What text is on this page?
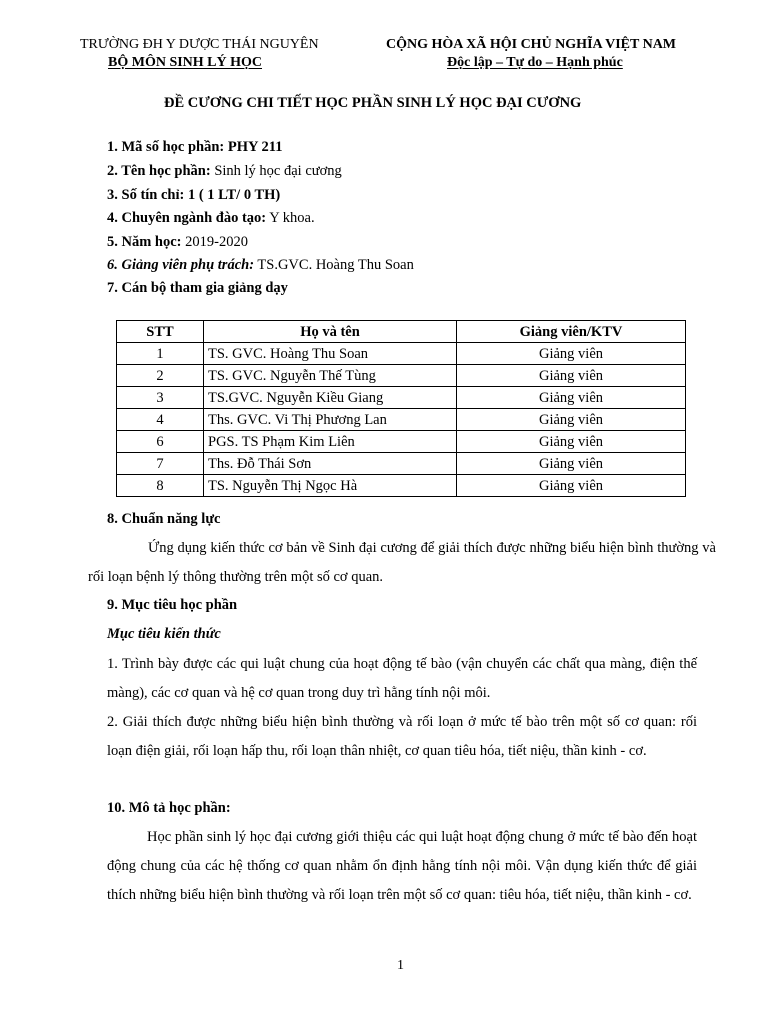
TRƯỜNG ĐH Y DƯỢC THÁI NGUYÊN
BỘ MÔN SINH LÝ HỌC
CỘNG HÒA XÃ HỘI CHỦ NGHĨA VIỆT NAM
Độc lập – Tự do – Hạnh phúc
ĐỀ CƯƠNG CHI TIẾT HỌC PHẦN SINH LÝ HỌC ĐẠI CƯƠNG
1. Mã số học phần: PHY 211
2. Tên học phần: Sinh lý học đại cương
3. Số tín chỉ: 1 ( 1 LT/ 0 TH)
4. Chuyên ngành đào tạo: Y khoa.
5. Năm học: 2019-2020
6. Giảng viên phụ trách: TS.GVC. Hoàng Thu Soan
7. Cán bộ tham gia giảng dạy
STT	Họ và tên	Giảng viên/KTV
1	TS. GVC. Hoàng Thu Soan	Giảng viên
2	TS. GVC. Nguyễn Thế Tùng	Giảng viên
3	TS.GVC. Nguyễn Kiều Giang	Giảng viên
4	Ths. GVC. Vi Thị Phương Lan	Giảng viên
6	PGS. TS Phạm Kim Liên	Giảng viên
7	Ths. Đỗ Thái Sơn	Giảng viên
8	TS. Nguyễn Thị Ngọc Hà	Giảng viên
8. Chuẩn năng lực
Ứng dụng kiến thức cơ bản về Sinh đại cương để giải thích được những biểu hiện bình thường và rối loạn bệnh lý thông thường trên một số cơ quan.
9. Mục tiêu học phần
Mục tiêu kiến thức
1. Trình bày được các qui luật chung của hoạt động tế bào (vận chuyển các chất qua màng, điện thế màng), các cơ quan và hệ cơ quan trong duy trì hằng tính nội môi.
2. Giải thích được những biểu hiện bình thường và rối loạn ở mức tế bào trên một số cơ quan: rối loạn điện giải, rối loạn hấp thu, rối loạn thân nhiệt, cơ quan tiêu hóa, tiết niệu, thần kinh - cơ.
10. Mô tả học phần:
Học phần sinh lý học đại cương giới thiệu các qui luật hoạt động chung ở mức tế bào đến hoạt động chung của các hệ thống cơ quan nhằm ổn định hằng tính nội môi. Vận dụng kiến thức để giải thích những biểu hiện bình thường và rối loạn trên một số cơ quan: tiêu hóa, tiết niệu, thần kinh - cơ.
1
